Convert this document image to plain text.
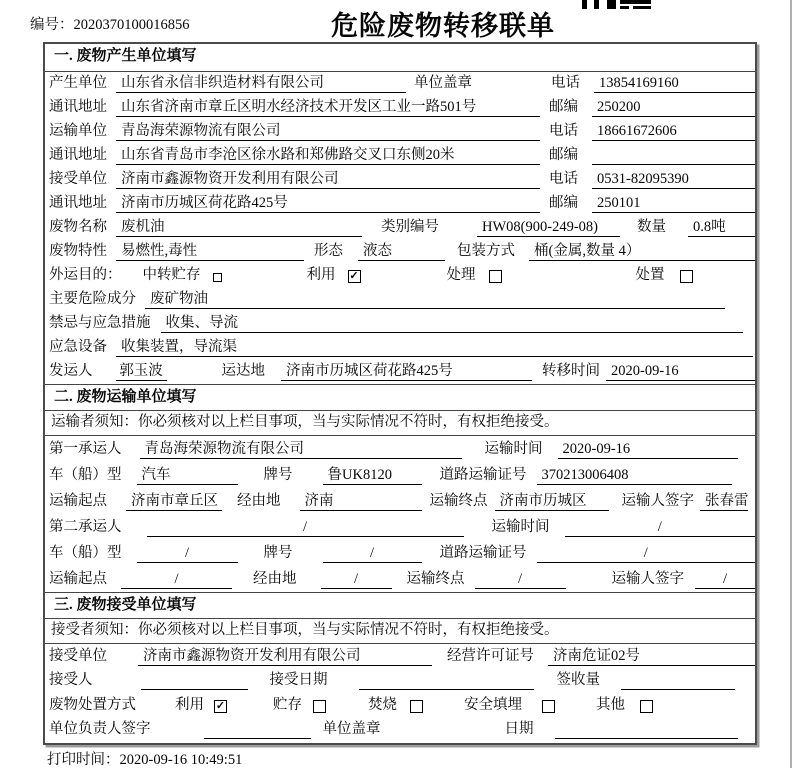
编号：2020370100016856	危险废物转移联单
一. 废物产生单位填写
产生单位 山东省永信非织造材料有限公司	单位盖章	电话	13854169160
通讯地址 山东省济南市章丘区明水经济技术开发区工业一路501号	邮编	250200
运输单位 青岛海荣源物流有限公司	电话	18661672606
通讯地址 山东省青岛市李沧区徐水路和郑佛路交叉口东侧20米	邮编
接受单位 济南市鑫源物资开发利用有限公司	电话	0531-82095390
通讯地址 济南市历城区荷花路425号	邮编	250101
废物名称 废机油	类别编号	HW08(900-249-08)	数量	0.8吨
废物特性 易燃性,毒性	形态	液态	包装方式	桶(金属,数量 4）
外运目的： 中转贮存	利用 ✓	处理	处置
主要危险成分 废矿物油
禁忌与应急措施	收集、导流
应急设备 收集装置，导流渠
发运人 郭玉波	运达地	济南市历城区荷花路425号	转移时间 2020-09-16
二. 废物运输单位填写
运输者须知：你必须核对以上栏目事项，当与实际情况不符时，有权拒绝接受。
第一承运人	青岛海荣源物流有限公司	运输时间	2020-09-16
车（船）型	汽车	牌号	鲁UK8120	道路运输证号	370213006408
运输起点	济南市章丘区 经由地	济南	运输终点 济南市历城区	运输人签字 张春雷
第二承运人	/	运输时间	/
车（船）型	/	牌号	/	道路运输证号	/
运输起点	/	经由地	/	运输终点	/	运输人签字	/
三. 废物接受单位填写
接受者须知：你必须核对以上栏目事项，当与实际情况不符时，有权拒绝接受。
接受单位	济南市鑫源物资开发利用有限公司	经营许可证号	济南危证02号
接受人	接受日期	签收量
废物处置方式	利用 ✓	贮存	焚烧	安全填埋	其他
单位负责人签字	单位盖章	日期
打印时间：2020-09-16 10:49:51
